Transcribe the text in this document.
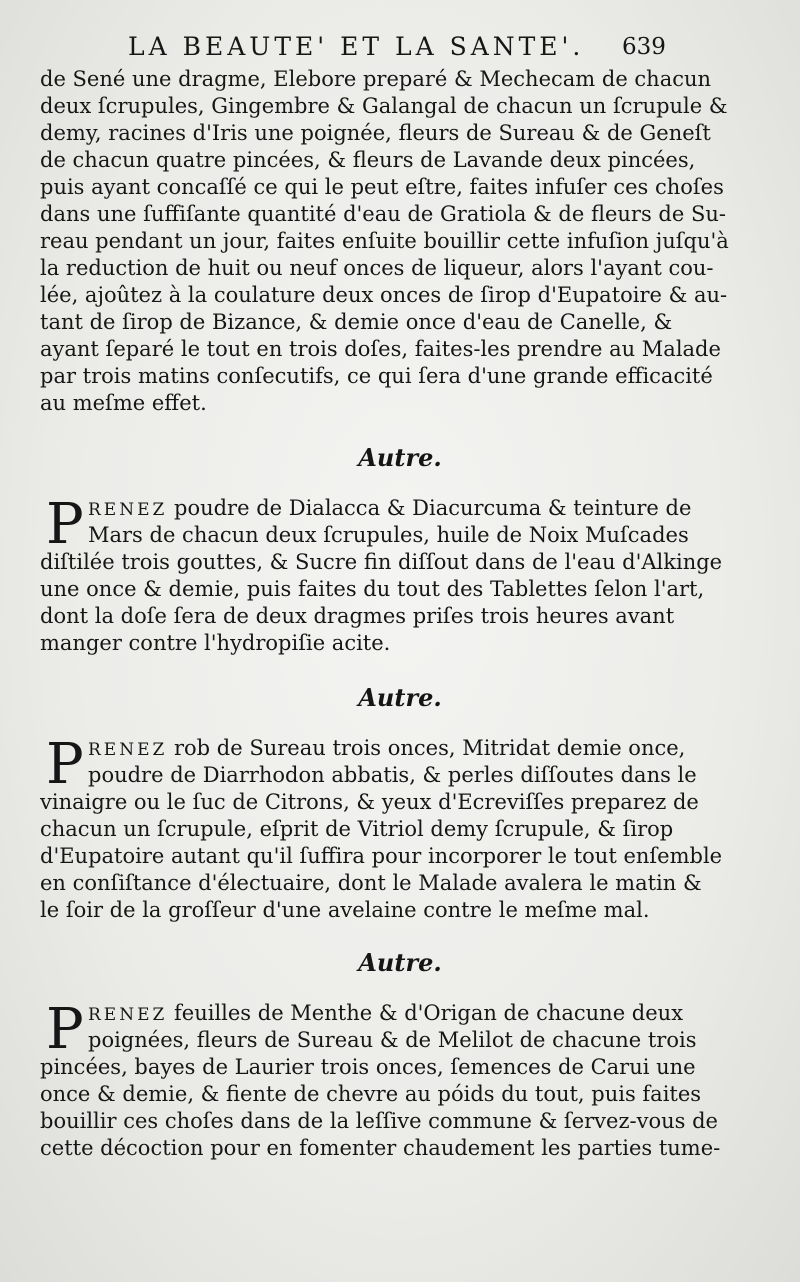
LA BEAUTE' ET LA SANTE'. 639
de Sené une dragme, Elebore preparé & Mechecam de chacun
deux ſcrupules, Gingembre & Galangal de chacun un ſcrupule &
demy, racines d'Iris une poignée, fleurs de Sureau & de Geneſt
de chacun quatre pincées, & fleurs de Lavande deux pincées,
puis ayant concaſſé ce qui le peut eſtre, faites infuſer ces choſes
dans une ſuffiſante quantité d'eau de Gratiola & de fleurs de Su-
reau pendant un jour, faites enſuite bouillir cette infuſion juſqu'à
la reduction de huit ou neuf onces de liqueur, alors l'ayant cou-
lée, ajoûtez à la coulature deux onces de ſirop d'Eupatoire & au-
tant de ſirop de Bizance, & demie once d'eau de Canelle, &
ayant ſeparé le tout en trois doſes, faites-les prendre au Malade
par trois matins conſecutifs, ce qui ſera d'une grande efficacité
au meſme effet.
Autre.
P RENEZ poudre de Dialacca & Diacurcuma & teinture de
Mars de chacun deux ſcrupules, huile de Noix Muſcades
diſtilée trois gouttes, & Sucre fin diſſout dans de l'eau d'Alkinge
une once & demie, puis faites du tout des Tablettes ſelon l'art,
dont la doſe ſera de deux dragmes priſes trois heures avant
manger contre l'hydropiſie acite.
Autre.
P RENEZ rob de Sureau trois onces, Mitridat demie once,
poudre de Diarrhodon abbatis, & perles diſſoutes dans le
vinaigre ou le ſuc de Citrons, & yeux d'Ecreviſſes preparez de
chacun un ſcrupule, eſprit de Vitriol demy ſcrupule, & ſirop
d'Eupatoire autant qu'il ſuffira pour incorporer le tout enſemble
en conſiſtance d'électuaire, dont le Malade avalera le matin &
le ſoir de la groſſeur d'une avelaine contre le meſme mal.
Autre.
P RENEZ feuilles de Menthe & d'Origan de chacune deux
poignées, fleurs de Sureau & de Melilot de chacune trois
pincées, bayes de Laurier trois onces, ſemences de Carui une
once & demie, & fiente de chevre au póids du tout, puis faites
bouillir ces choſes dans de la leſſive commune & ſervez-vous de
cette décoction pour en fomenter chaudement les parties tume-
